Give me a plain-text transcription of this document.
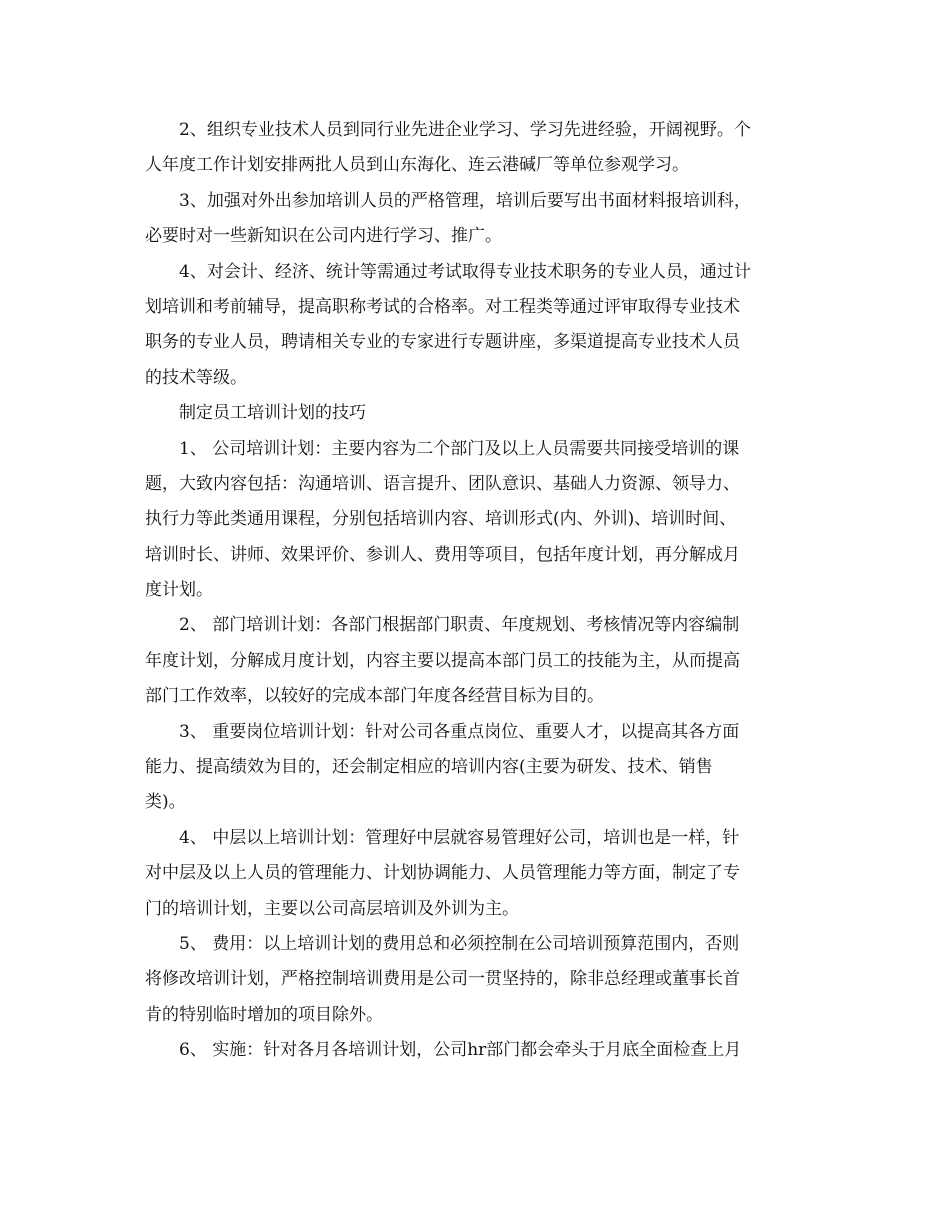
2、组织专业技术人员到同行业先进企业学习、学习先进经验，开阔视野。个
人年度工作计划安排两批人员到山东海化、连云港碱厂等单位参观学习。
3、加强对外出参加培训人员的严格管理，培训后要写出书面材料报培训科，
必要时对一些新知识在公司内进行学习、推广。
4、对会计、经济、统计等需通过考试取得专业技术职务的专业人员，通过计
划培训和考前辅导，提高职称考试的合格率。对工程类等通过评审取得专业技术
职务的专业人员，聘请相关专业的专家进行专题讲座，多渠道提高专业技术人员
的技术等级。
制定员工培训计划的技巧
1、 公司培训计划：主要内容为二个部门及以上人员需要共同接受培训的课
题，大致内容包括：沟通培训、语言提升、团队意识、基础人力资源、领导力、
执行力等此类通用课程，分别包括培训内容、培训形式(内、外训)、培训时间、
培训时长、讲师、效果评价、参训人、费用等项目，包括年度计划，再分解成月
度计划。
2、 部门培训计划：各部门根据部门职责、年度规划、考核情况等内容编制
年度计划，分解成月度计划，内容主要以提高本部门员工的技能为主，从而提高
部门工作效率，以较好的完成本部门年度各经营目标为目的。
3、 重要岗位培训计划：针对公司各重点岗位、重要人才，以提高其各方面
能力、提高绩效为目的，还会制定相应的培训内容(主要为研发、技术、销售
类)。
4、 中层以上培训计划：管理好中层就容易管理好公司，培训也是一样，针
对中层及以上人员的管理能力、计划协调能力、人员管理能力等方面，制定了专
门的培训计划，主要以公司高层培训及外训为主。
5、 费用：以上培训计划的费用总和必须控制在公司培训预算范围内，否则
将修改培训计划，严格控制培训费用是公司一贯坚持的，除非总经理或董事长首
肯的特别临时增加的项目除外。
6、 实施：针对各月各培训计划，公司hr部门都会牵头于月底全面检查上月
